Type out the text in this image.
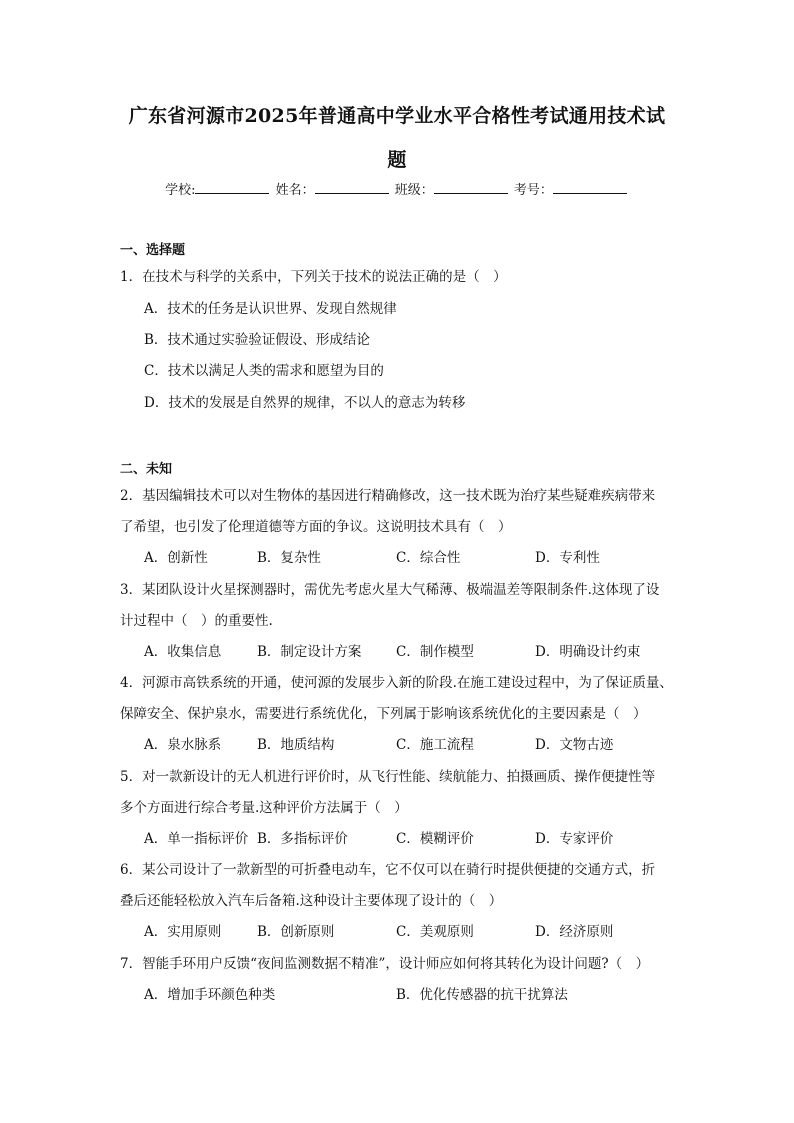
广东省河源市2025年普通高中学业水平合格性考试通用技术试
题
学校:	姓名：	班级：	考号：
一、选择题
1．在技术与科学的关系中，下列关于技术的说法正确的是（　）
A．技术的任务是认识世界、发现自然规律
B．技术通过实验验证假设、形成结论
C．技术以满足人类的需求和愿望为目的
D．技术的发展是自然界的规律，不以人的意志为转移
二、未知
2．基因编辑技术可以对生物体的基因进行精确修改，这一技术既为治疗某些疑难疾病带来
了希望，也引发了伦理道德等方面的争议。这说明技术具有（　）
A．创新性	B．复杂性	C．综合性	D．专利性
3．某团队设计火星探测器时，需优先考虑火星大气稀薄、极端温差等限制条件.这体现了设
计过程中（　）的重要性.
A．收集信息	B．制定设计方案	C．制作模型	D．明确设计约束
4．河源市高铁系统的开通，使河源的发展步入新的阶段.在施工建设过程中，为了保证质量、
保障安全、保护泉水，需要进行系统优化，下列属于影响该系统优化的主要因素是（　）
A．泉水脉系	B．地质结构	C．施工流程	D．文物古迹
5．对一款新设计的无人机进行评价时，从飞行性能、续航能力、拍摄画质、操作便捷性等
多个方面进行综合考量.这种评价方法属于（　）
A．单一指标评价 B．多指标评价	C．模糊评价	D．专家评价
6．某公司设计了一款新型的可折叠电动车，它不仅可以在骑行时提供便捷的交通方式，折
叠后还能轻松放入汽车后备箱.这种设计主要体现了设计的（　）
A．实用原则	B．创新原则	C．美观原则	D．经济原则
7．智能手环用户反馈“夜间监测数据不精准”，设计师应如何将其转化为设计问题?（　）
A．增加手环颜色种类	B．优化传感器的抗干扰算法
